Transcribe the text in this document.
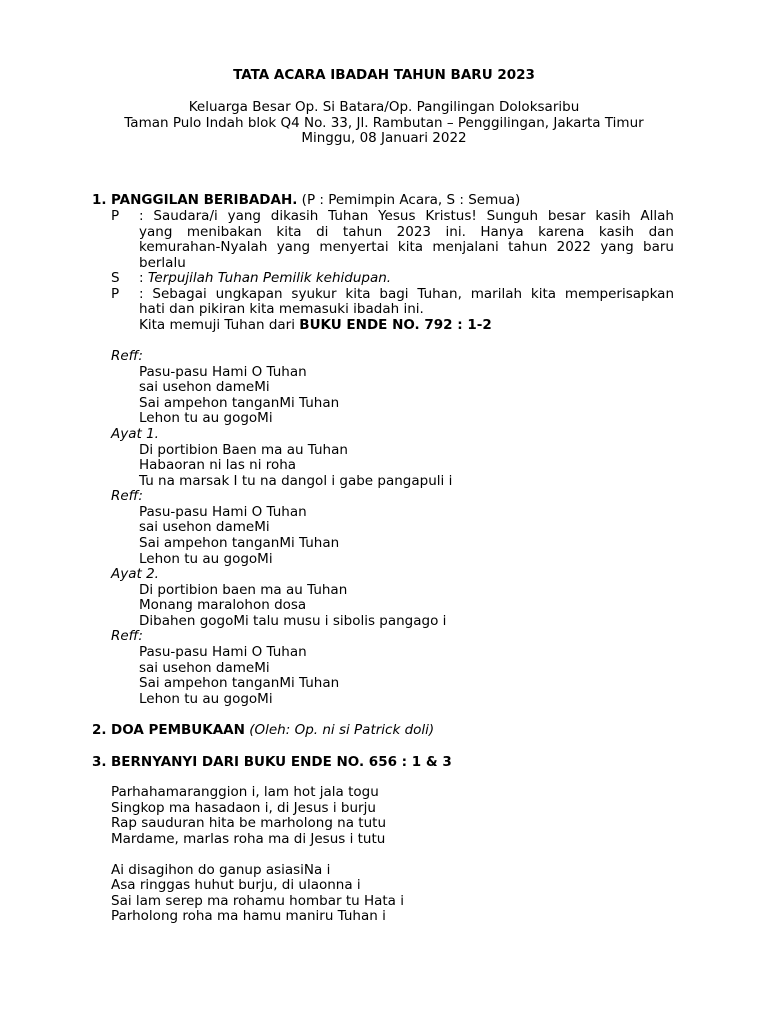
TATA ACARA IBADAH TAHUN BARU 2023
Keluarga Besar Op. Si Batara/Op. Pangilingan Doloksaribu
Taman Pulo Indah blok Q4 No. 33, Jl. Rambutan – Penggilingan, Jakarta Timur
Minggu, 08 Januari 2022
1. PANGGILAN BERIBADAH. (P : Pemimpin Acara, S : Semua)
P : Saudara/i yang dikasih Tuhan Yesus Kristus! Sunguh besar kasih Allah
yang menibakan kita di tahun 2023 ini. Hanya karena kasih dan
kemurahan-Nyalah yang menyertai kita menjalani tahun 2022 yang baru
berlalu
S : Terpujilah Tuhan Pemilik kehidupan.
P : Sebagai ungkapan syukur kita bagi Tuhan, marilah kita memperisapkan
hati dan pikiran kita memasuki ibadah ini.
Kita memuji Tuhan dari BUKU ENDE NO. 792 : 1-2
Reff:
Pasu-pasu Hami O Tuhan
sai usehon dameMi
Sai ampehon tanganMi Tuhan
Lehon tu au gogoMi
Ayat 1.
Di portibion Baen ma au Tuhan
Habaoran ni las ni roha
Tu na marsak I tu na dangol i gabe pangapuli i
Reff:
Pasu-pasu Hami O Tuhan
sai usehon dameMi
Sai ampehon tanganMi Tuhan
Lehon tu au gogoMi
Ayat 2.
Di portibion baen ma au Tuhan
Monang maralohon dosa
Dibahen gogoMi talu musu i sibolis pangago i
Reff:
Pasu-pasu Hami O Tuhan
sai usehon dameMi
Sai ampehon tanganMi Tuhan
Lehon tu au gogoMi
2. DOA PEMBUKAAN (Oleh: Op. ni si Patrick doli)
3. BERNYANYI DARI BUKU ENDE NO. 656 : 1 & 3
Parhahamaranggion i, lam hot jala togu
Singkop ma hasadaon i, di Jesus i burju
Rap sauduran hita be marholong na tutu
Mardame, marlas roha ma di Jesus i tutu
Ai disagihon do ganup asiasiNa i
Asa ringgas huhut burju, di ulaonna i
Sai lam serep ma rohamu hombar tu Hata i
Parholong roha ma hamu maniru Tuhan i
